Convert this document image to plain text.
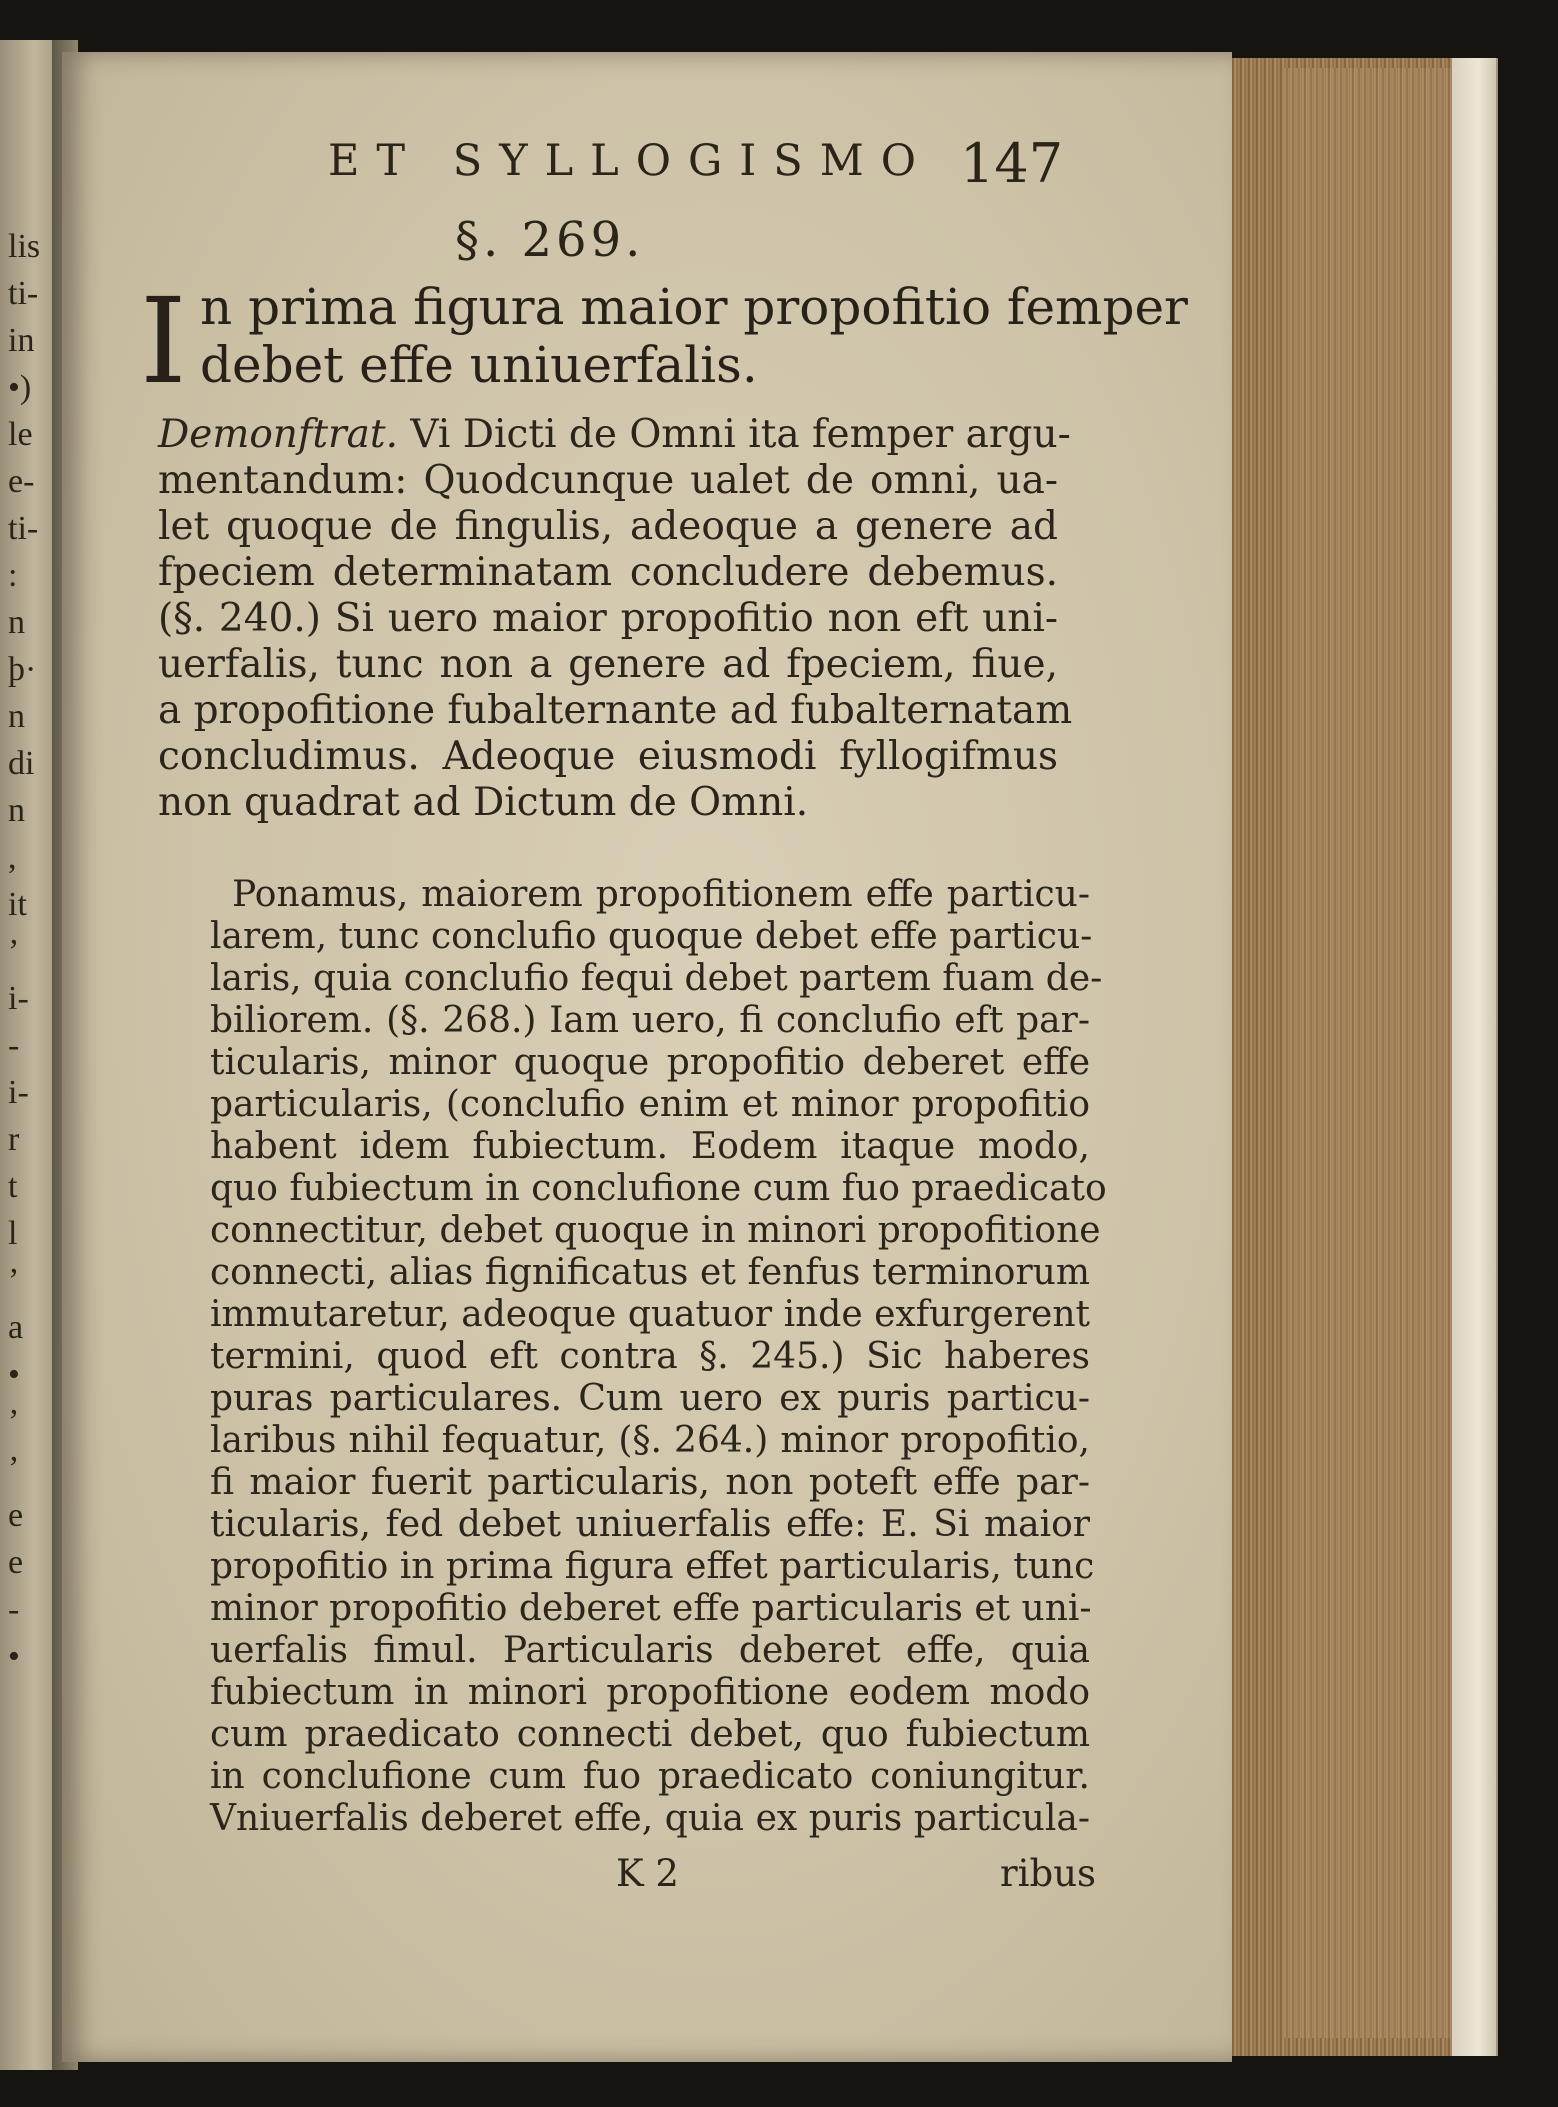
lis
ti-
in
•)
le
e-
ti-
:
n
þ·
n
di
n
,
it
’
i-
-
i-
r
t
l
’
a
•
’
’
e
e
-
•
ET SYLLOGISMO 147
§. 269.
I n prima figura maior propofitio femper
debet effe uniuerfalis.
Demonftrat. Vi Dicti de Omni ita femper argu-
mentandum: Quodcunque ualet de omni, ua-
let quoque de fingulis, adeoque a genere ad
fpeciem determinatam concludere debemus.
(§. 240.) Si uero maior propofitio non eft uni-
uerfalis, tunc non a genere ad fpeciem, fiue,
a propofitione fubalternante ad fubalternatam
concludimus. Adeoque eiusmodi fyllogifmus
non quadrat ad Dictum de Omni.
Ponamus, maiorem propofitionem effe particu-
larem, tunc conclufio quoque debet effe particu-
laris, quia conclufio fequi debet partem fuam de-
biliorem. (§. 268.) Iam uero, fi conclufio eft par-
ticularis, minor quoque propofitio deberet effe
particularis, (conclufio enim et minor propofitio
habent idem fubiectum. Eodem itaque modo,
quo fubiectum in conclufione cum fuo praedicato
connectitur, debet quoque in minori propofitione
connecti, alias fignificatus et fenfus terminorum
immutaretur, adeoque quatuor inde exfurgerent
termini, quod eft contra §. 245.) Sic haberes
puras particulares. Cum uero ex puris particu-
laribus nihil fequatur, (§. 264.) minor propofitio,
fi maior fuerit particularis, non poteft effe par-
ticularis, fed debet uniuerfalis effe: E. Si maior
propofitio in prima figura effet particularis, tunc
minor propofitio deberet effe particularis et uni-
uerfalis fimul. Particularis deberet effe, quia
fubiectum in minori propofitione eodem modo
cum praedicato connecti debet, quo fubiectum
in conclufione cum fuo praedicato coniungitur.
Vniuerfalis deberet effe, quia ex puris particula-
K 2	ribus
